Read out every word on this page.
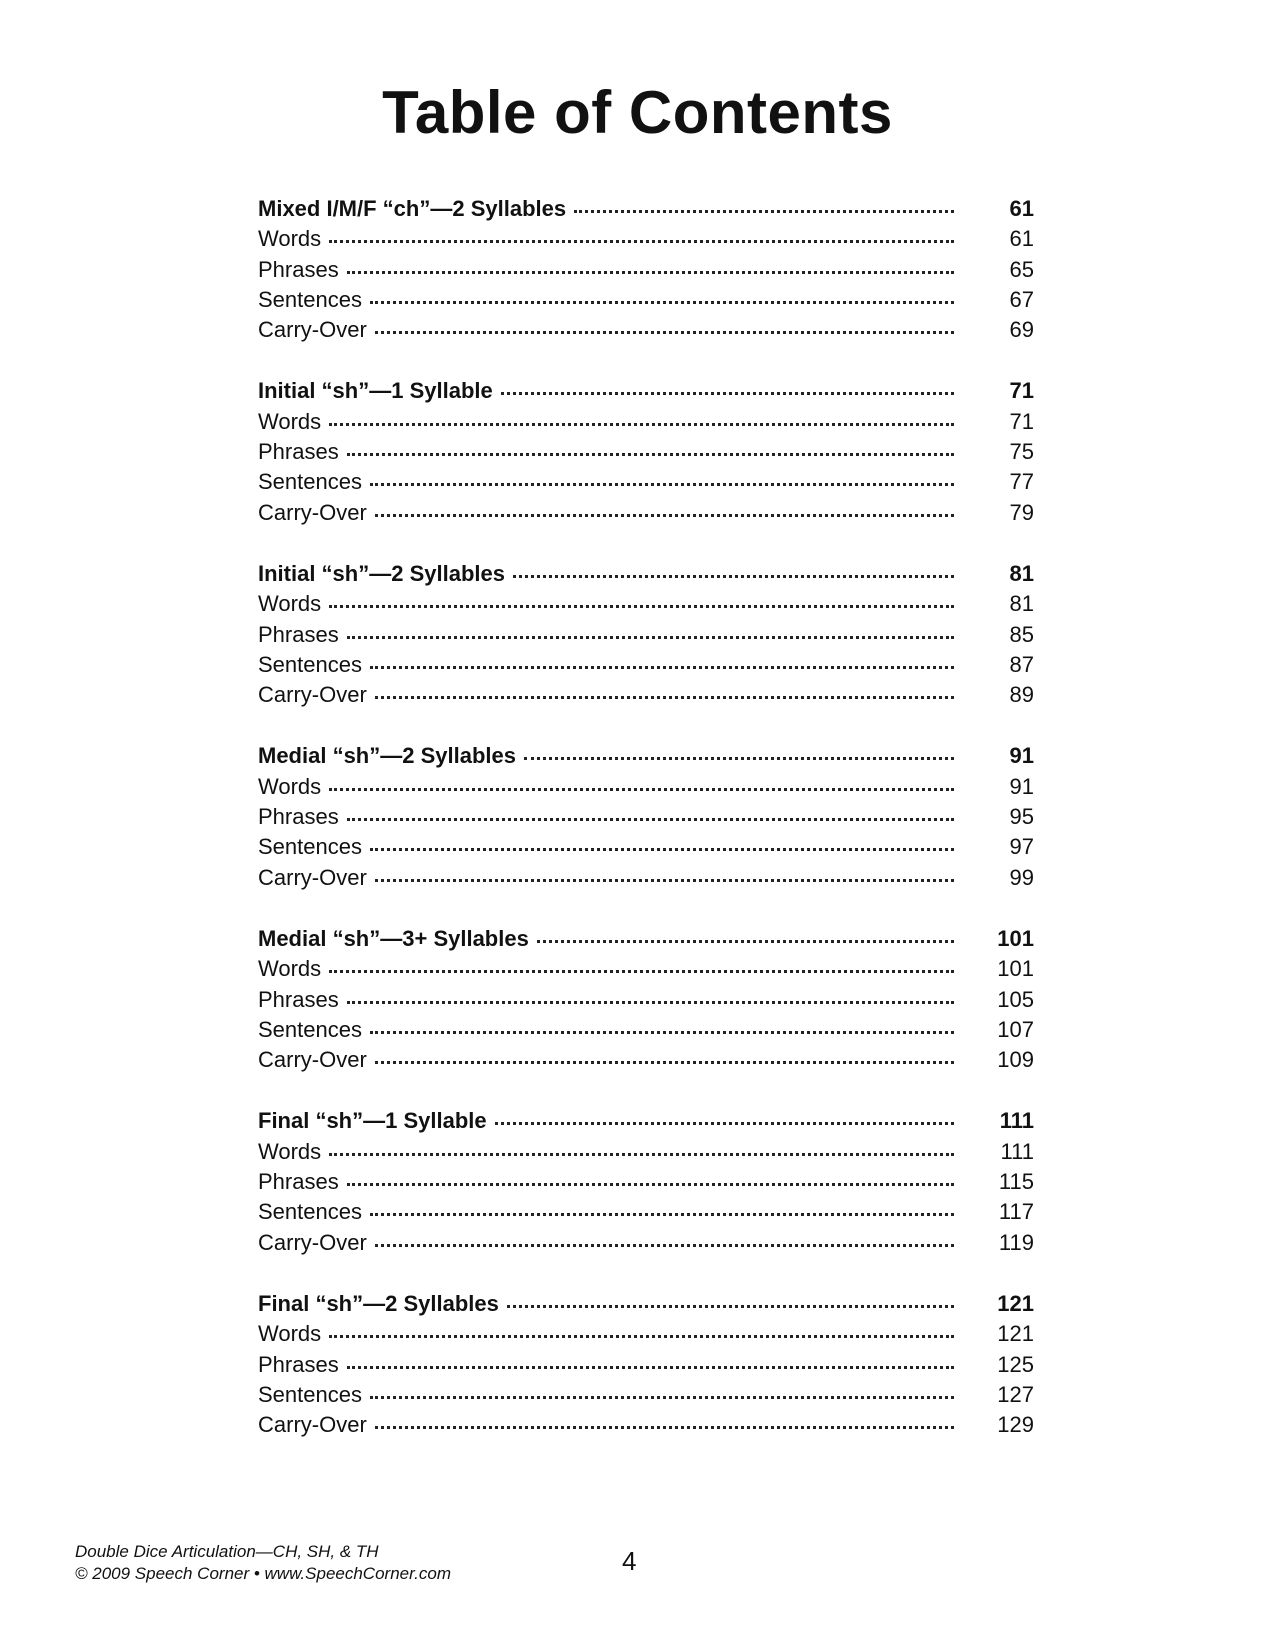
Table of Contents
Mixed I/M/F “ch”—2 Syllables	61
Words	61
Phrases	65
Sentences	67
Carry-Over	69
Initial “sh”—1 Syllable	71
Words	71
Phrases	75
Sentences	77
Carry-Over	79
Initial “sh”—2 Syllables	81
Words	81
Phrases	85
Sentences	87
Carry-Over	89
Medial “sh”—2 Syllables	91
Words	91
Phrases	95
Sentences	97
Carry-Over	99
Medial “sh”—3+ Syllables	101
Words	101
Phrases	105
Sentences	107
Carry-Over	109
Final “sh”—1 Syllable	111
Words	111
Phrases	115
Sentences	117
Carry-Over	119
Final “sh”—2 Syllables	121
Words	121
Phrases	125
Sentences	127
Carry-Over	129
Double Dice Articulation—CH, SH, & TH
© 2009 Speech Corner • www.SpeechCorner.com	4
